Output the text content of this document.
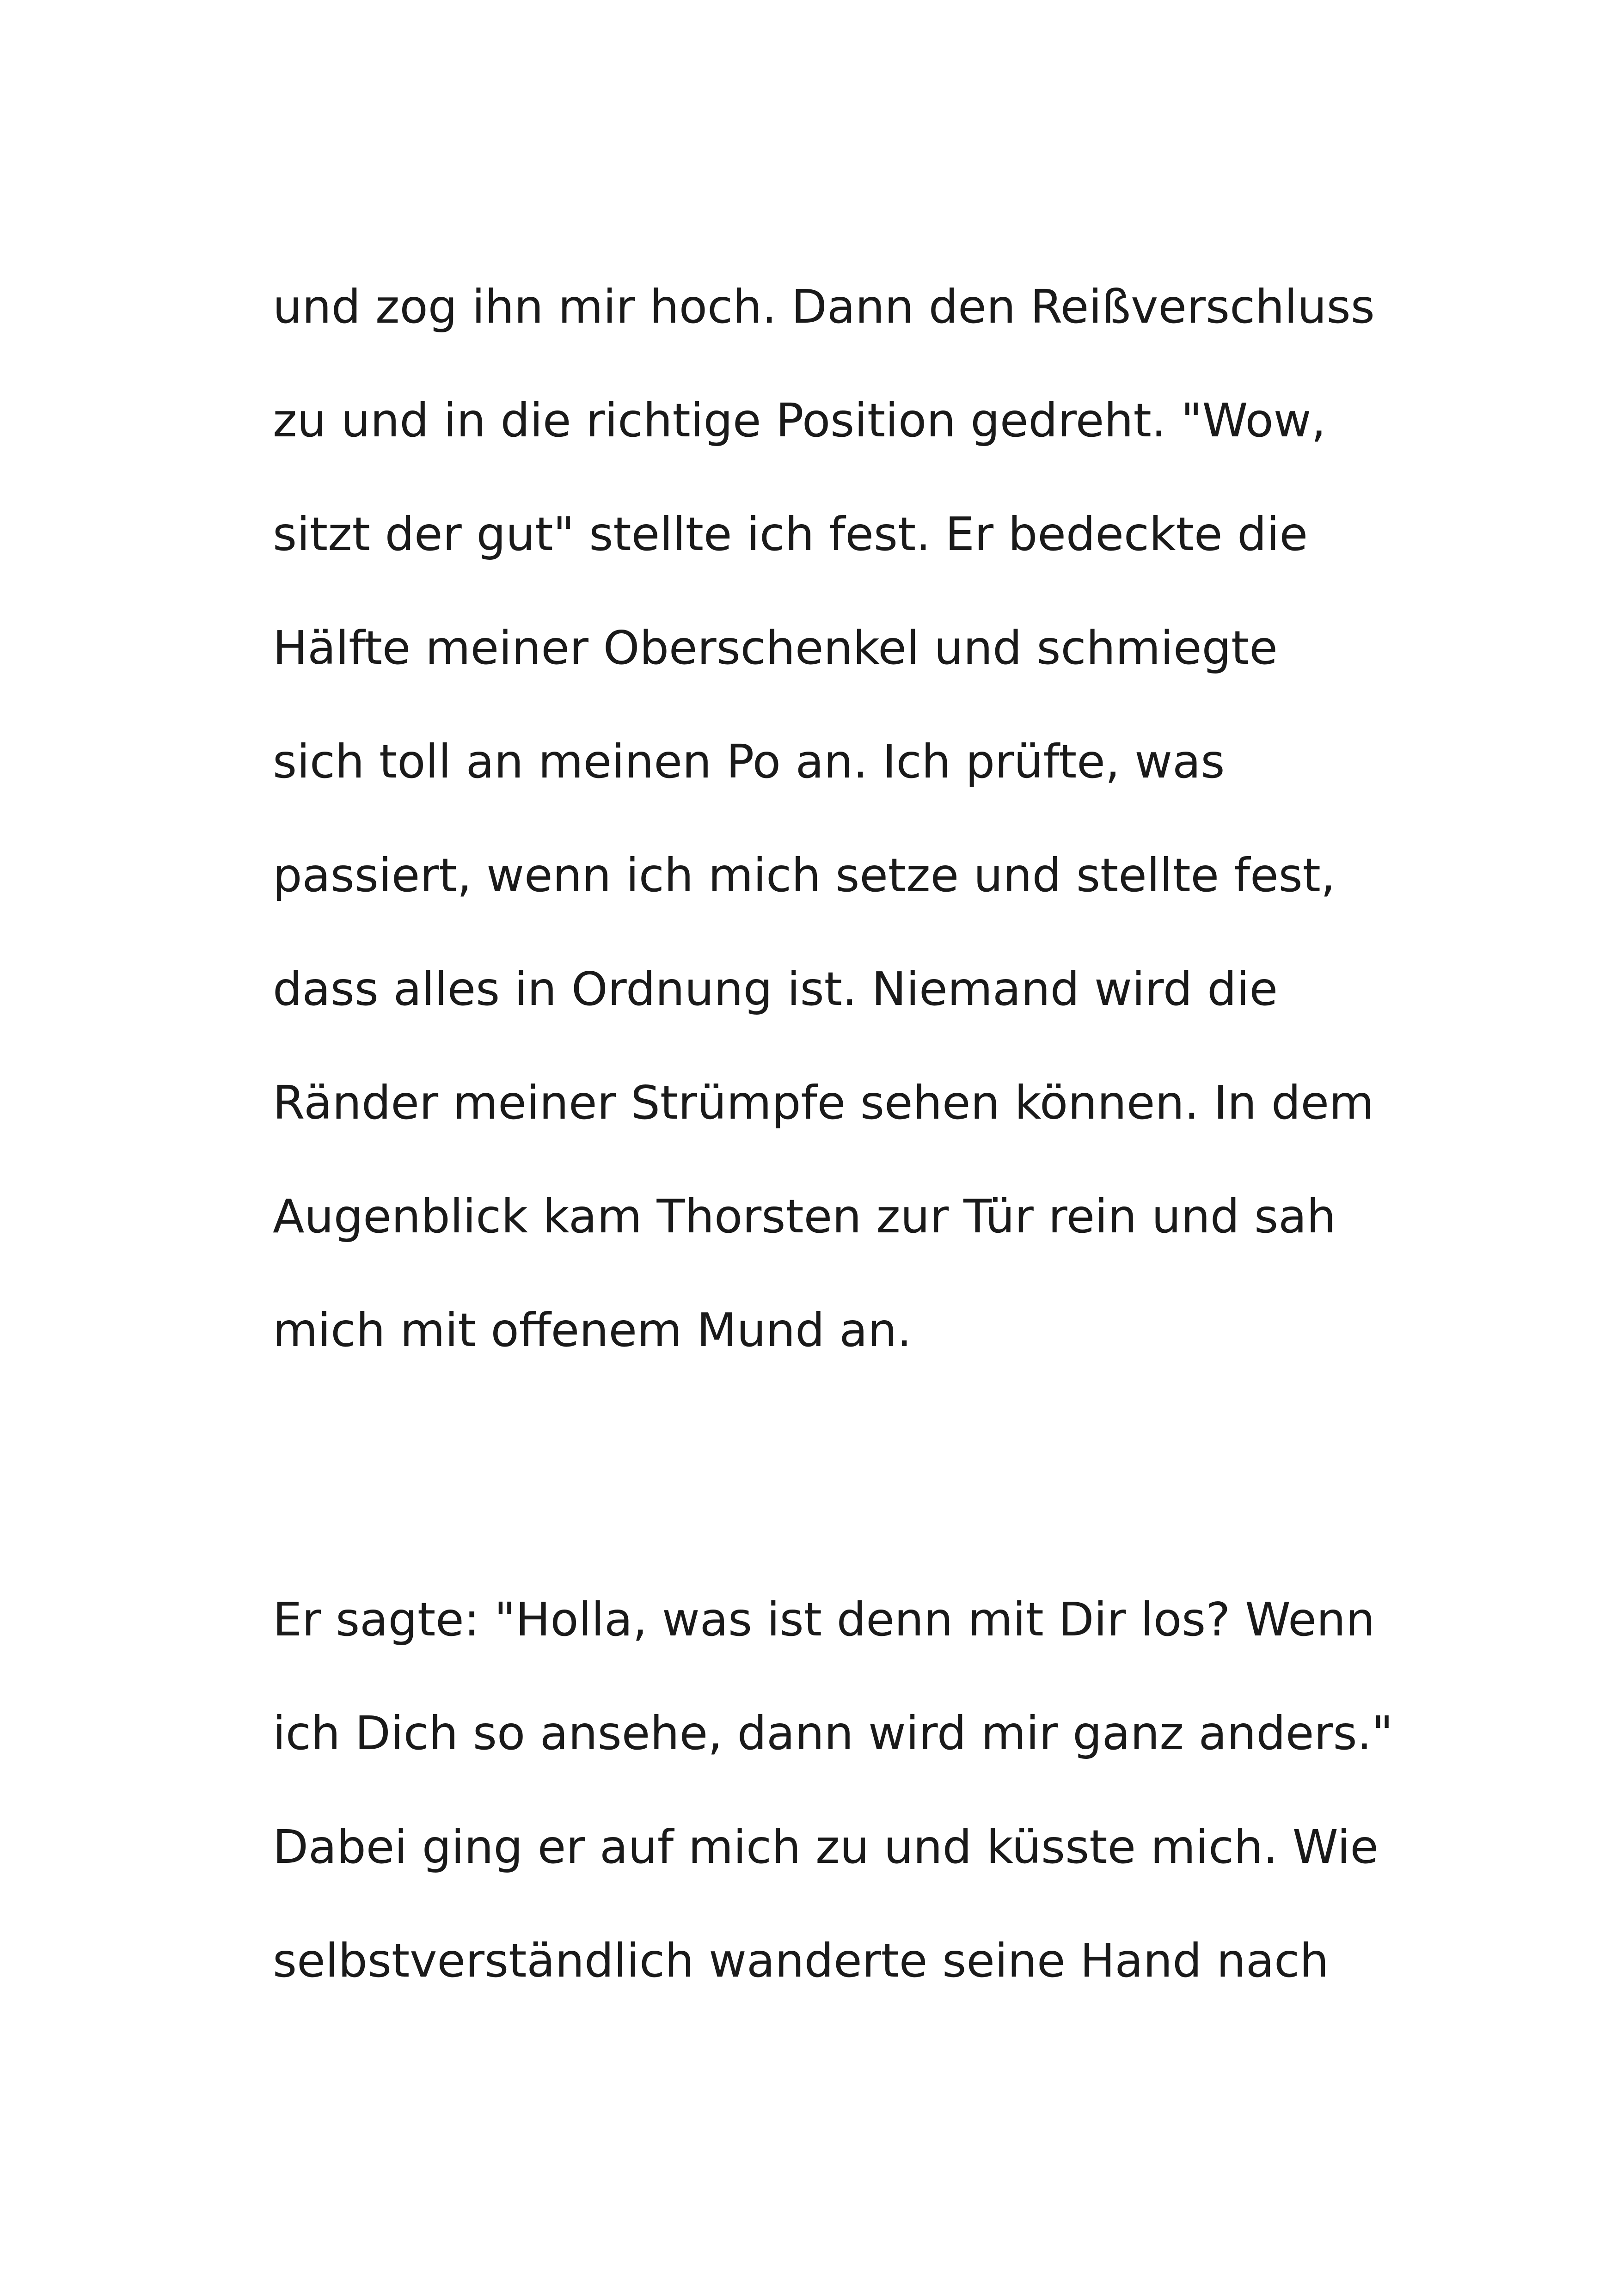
und zog ihn mir hoch. Dann den Reißverschluss
zu und in die richtige Position gedreht. "Wow,
sitzt der gut" stellte ich fest. Er bedeckte die
Hälfte meiner Oberschenkel und schmiegte
sich toll an meinen Po an. Ich prüfte, was
passiert, wenn ich mich setze und stellte fest,
dass alles in Ordnung ist. Niemand wird die
Ränder meiner Strümpfe sehen können. In dem
Augenblick kam Thorsten zur Tür rein und sah
mich mit offenem Mund an.

Er sagte: "Holla, was ist denn mit Dir los? Wenn
ich Dich so ansehe, dann wird mir ganz anders."
Dabei ging er auf mich zu und küsste mich. Wie
selbstverständlich wanderte seine Hand nach
